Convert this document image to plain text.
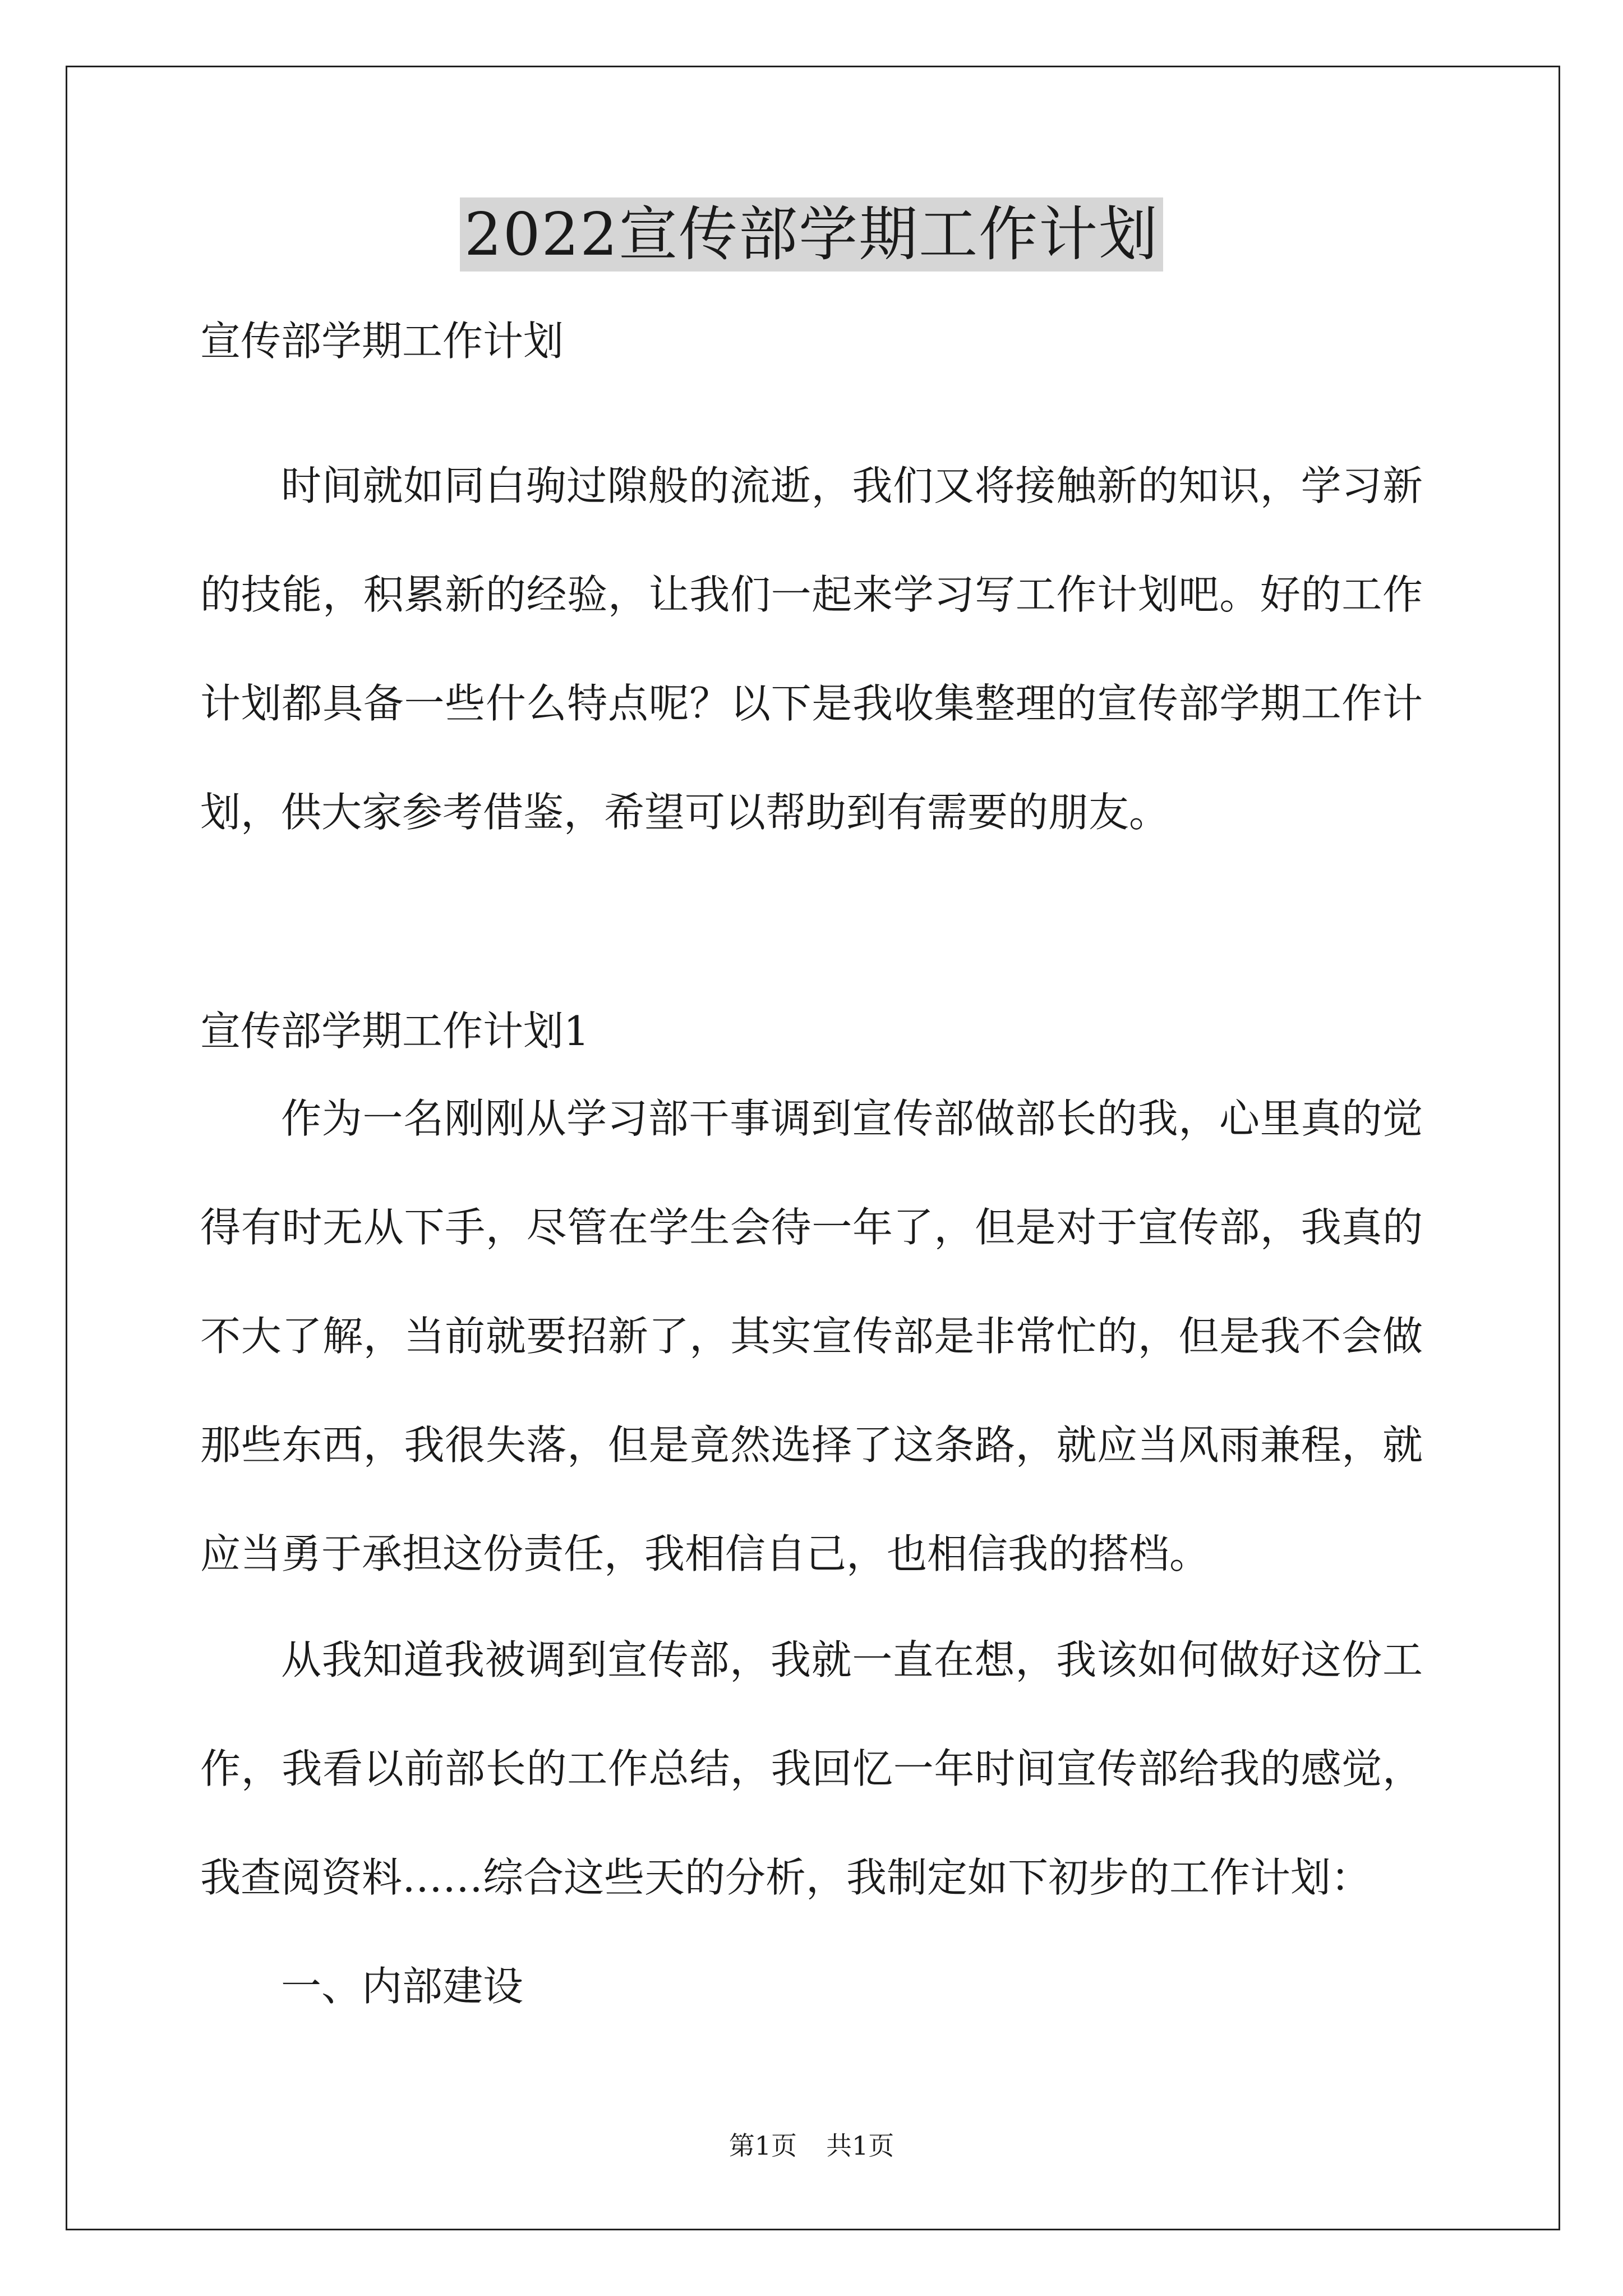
2022宣传部学期工作计划

宣传部学期工作计划

时间就如同白驹过隙般的流逝，我们又将接触新的知识，学习新的技能，积累新的经验，让我们一起来学习写工作计划吧。好的工作计划都具备一些什么特点呢？以下是我收集整理的宣传部学期工作计划，供大家参考借鉴，希望可以帮助到有需要的朋友。

宣传部学期工作计划1

作为一名刚刚从学习部干事调到宣传部做部长的我，心里真的觉得有时无从下手，尽管在学生会待一年了，但是对于宣传部，我真的不大了解，当前就要招新了，其实宣传部是非常忙的，但是我不会做那些东西，我很失落，但是竟然选择了这条路，就应当风雨兼程，就应当勇于承担这份责任，我相信自己，也相信我的搭档。

从我知道我被调到宣传部，我就一直在想，我该如何做好这份工作，我看以前部长的工作总结，我回忆一年时间宣传部给我的感觉，我查阅资料……综合这些天的分析，我制定如下初步的工作计划：

一、内部建设

第1页 共1页
